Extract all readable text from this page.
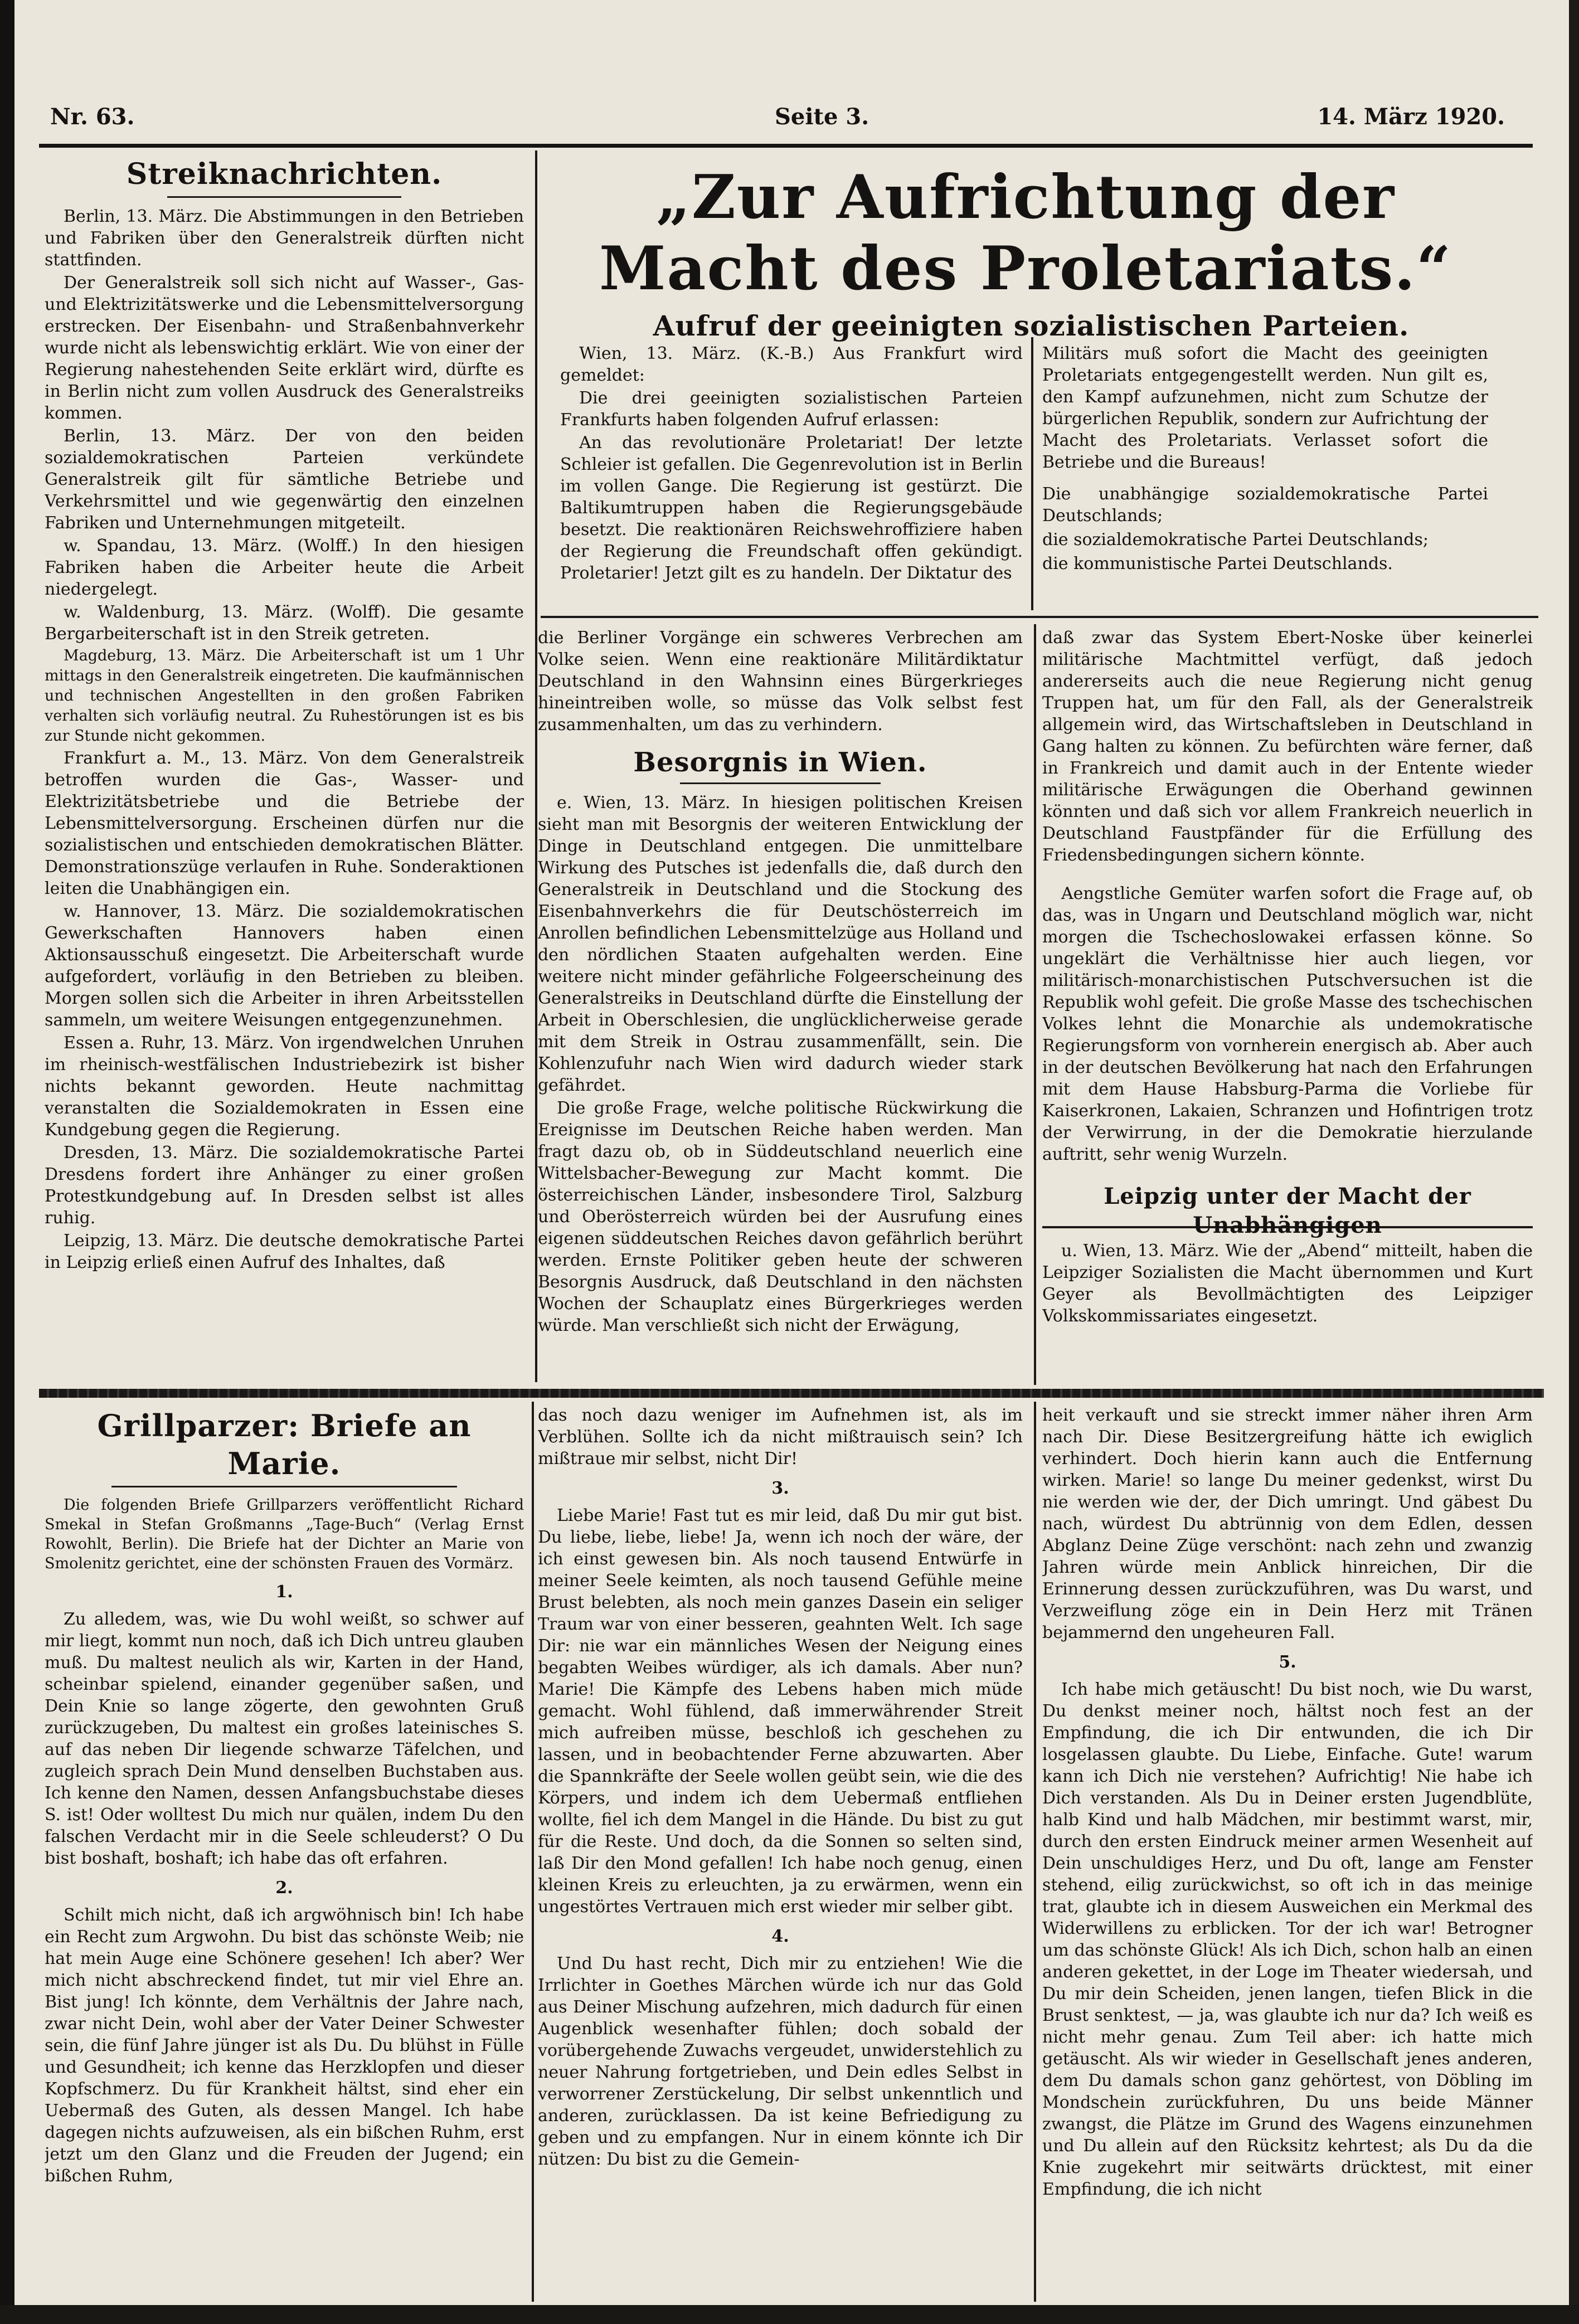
Nr. 63.	Seite 3.	14. März 1920.
Streiknachrichten.

Berlin, 13. März. Die Abstimmungen in den Betrieben und Fabriken über den Generalstreik dürften nicht stattfinden.

Der Generalstreik soll sich nicht auf Wasser-, Gas- und Elektrizitätswerke und die Lebensmittelversorgung erstrecken. Der Eisenbahn- und Straßenbahnverkehr wurde nicht als lebenswichtig erklärt. Wie von einer der Regierung nahestehenden Seite erklärt wird, dürfte es in Berlin nicht zum vollen Ausdruck des Generalstreiks kommen.

Berlin, 13. März. Der von den beiden sozialdemokratischen Parteien verkündete Generalstreik gilt für sämtliche Betriebe und Verkehrsmittel und wie gegenwärtig den einzelnen Fabriken und Unternehmungen mitgeteilt.

w. Spandau, 13. März. (Wolff.) In den hiesigen Fabriken haben die Arbeiter heute die Arbeit niedergelegt.

w. Waldenburg, 13. März. (Wolff). Die gesamte Bergarbeiterschaft ist in den Streik getreten.

Magdeburg, 13. März. Die Arbeiterschaft ist um 1 Uhr mittags in den Generalstreik eingetreten. Die kaufmännischen und technischen Angestellten in den großen Fabriken verhalten sich vorläufig neutral. Zu Ruhestörungen ist es bis zur Stunde nicht gekommen.

Frankfurt a. M., 13. März. Von dem Generalstreik betroffen wurden die Gas-, Wasser- und Elektrizitätsbetriebe und die Betriebe der Lebensmittelversorgung. Erscheinen dürfen nur die sozialistischen und entschieden demokratischen Blätter. Demonstrationszüge verlaufen in Ruhe. Sonderaktionen leiten die Unabhängigen ein.

w. Hannover, 13. März. Die sozialdemokratischen Gewerkschaften Hannovers haben einen Aktionsausschuß eingesetzt. Die Arbeiterschaft wurde aufgefordert, vorläufig in den Betrieben zu bleiben. Morgen sollen sich die Arbeiter in ihren Arbeitsstellen sammeln, um weitere Weisungen entgegenzunehmen.

Essen a. Ruhr, 13. März. Von irgendwelchen Unruhen im rheinisch-westfälischen Industriebezirk ist bisher nichts bekannt geworden. Heute nachmittag veranstalten die Sozialdemokraten in Essen eine Kundgebung gegen die Regierung.

Dresden, 13. März. Die sozialdemokratische Partei Dresdens fordert ihre Anhänger zu einer großen Protestkundgebung auf. In Dresden selbst ist alles ruhig.

Leipzig, 13. März. Die deutsche demokratische Partei in Leipzig erließ einen Aufruf des Inhaltes, daß

„Zur Aufrichtung der Macht des Proletariats.“
Aufruf der geeinigten sozialistischen Parteien.

Wien, 13. März. (K.-B.) Aus Frankfurt wird gemeldet:

Die drei geeinigten sozialistischen Parteien Frankfurts haben folgenden Aufruf erlassen:

An das revolutionäre Proletariat! Der letzte Schleier ist gefallen. Die Gegenrevolution ist in Berlin im vollen Gange. Die Regierung ist gestürzt. Die Baltikumtruppen haben die Regierungsgebäude besetzt. Die reaktionären Reichswehroffiziere haben der Regierung die Freundschaft offen gekündigt. Proletarier! Jetzt gilt es zu handeln. Der Diktatur des

Militärs muß sofort die Macht des geeinigten Proletariats entgegengestellt werden. Nun gilt es, den Kampf aufzunehmen, nicht zum Schutze der bürgerlichen Republik, sondern zur Aufrichtung der Macht des Proletariats. Verlasset sofort die Betriebe und die Bureaus!

Die unabhängige sozialdemokratische Partei Deutschlands;

die sozialdemokratische Partei Deutschlands;

die kommunistische Partei Deutschlands.

die Berliner Vorgänge ein schweres Verbrechen am Volke seien. Wenn eine reaktionäre Militärdiktatur Deutschland in den Wahnsinn eines Bürgerkrieges hineintreiben wolle, so müsse das Volk selbst fest zusammenhalten, um das zu verhindern.

Besorgnis in Wien.

e. Wien, 13. März. In hiesigen politischen Kreisen sieht man mit Besorgnis der weiteren Entwicklung der Dinge in Deutschland entgegen. Die unmittelbare Wirkung des Putsches ist jedenfalls die, daß durch den Generalstreik in Deutschland und die Stockung des Eisenbahnverkehrs die für Deutschösterreich im Anrollen befindlichen Lebensmittelzüge aus Holland und den nördlichen Staaten aufgehalten werden. Eine weitere nicht minder gefährliche Folgeerscheinung des Generalstreiks in Deutschland dürfte die Einstellung der Arbeit in Oberschlesien, die unglücklicherweise gerade mit dem Streik in Ostrau zusammenfällt, sein. Die Kohlenzufuhr nach Wien wird dadurch wieder stark gefährdet.

Die große Frage, welche politische Rückwirkung die Ereignisse im Deutschen Reiche haben werden. Man fragt dazu ob, ob in Süddeutschland neuerlich eine Wittelsbacher-Bewegung zur Macht kommt. Die österreichischen Länder, insbesondere Tirol, Salzburg und Oberösterreich würden bei der Ausrufung eines eigenen süddeutschen Reiches davon gefährlich berührt werden. Ernste Politiker geben heute der schweren Besorgnis Ausdruck, daß Deutschland in den nächsten Wochen der Schauplatz eines Bürgerkrieges werden würde. Man verschließt sich nicht der Erwägung,

daß zwar das System Ebert-Noske über keinerlei militärische Machtmittel verfügt, daß jedoch andererseits auch die neue Regierung nicht genug Truppen hat, um für den Fall, als der Generalstreik allgemein wird, das Wirtschaftsleben in Deutschland in Gang halten zu können. Zu befürchten wäre ferner, daß in Frankreich und damit auch in der Entente wieder militärische Erwägungen die Oberhand gewinnen könnten und daß sich vor allem Frankreich neuerlich in Deutschland Faustpfänder für die Erfüllung des Friedensbedingungen sichern könnte.

Aengstliche Gemüter warfen sofort die Frage auf, ob das, was in Ungarn und Deutschland möglich war, nicht morgen die Tschechoslowakei erfassen könne. So ungeklärt die Verhältnisse hier auch liegen, vor militärisch-monarchistischen Putschversuchen ist die Republik wohl gefeit. Die große Masse des tschechischen Volkes lehnt die Monarchie als undemokratische Regierungsform von vornherein energisch ab. Aber auch in der deutschen Bevölkerung hat nach den Erfahrungen mit dem Hause Habsburg-Parma die Vorliebe für Kaiserkronen, Lakaien, Schranzen und Hofintrigen trotz der Verwirrung, in der die Demokratie hierzulande auftritt, sehr wenig Wurzeln.

Leipzig unter der Macht der Unabhängigen

u. Wien, 13. März. Wie der „Abend“ mitteilt, haben die Leipziger Sozialisten die Macht übernommen und Kurt Geyer als Bevollmächtigten des Leipziger Volkskommissariates eingesetzt.

Grillparzer: Briefe an Marie.

Die folgenden Briefe Grillparzers veröffentlicht Richard Smekal in Stefan Großmanns „Tage-Buch“ (Verlag Ernst Rowohlt, Berlin). Die Briefe hat der Dichter an Marie von Smolenitz gerichtet, eine der schönsten Frauen des Vormärz.

1.

Zu alledem, was, wie Du wohl weißt, so schwer auf mir liegt, kommt nun noch, daß ich Dich untreu glauben muß. Du maltest neulich als wir, Karten in der Hand, scheinbar spielend, einander gegenüber saßen, und Dein Knie so lange zögerte, den gewohnten Gruß zurückzugeben, Du maltest ein großes lateinisches S. auf das neben Dir liegende schwarze Täfelchen, und zugleich sprach Dein Mund denselben Buchstaben aus. Ich kenne den Namen, dessen Anfangsbuchstabe dieses S. ist! Oder wolltest Du mich nur quälen, indem Du den falschen Verdacht mir in die Seele schleuderst? O Du bist boshaft, boshaft; ich habe das oft erfahren.

2.

Schilt mich nicht, daß ich argwöhnisch bin! Ich habe ein Recht zum Argwohn. Du bist das schönste Weib; nie hat mein Auge eine Schönere gesehen! Ich aber? Wer mich nicht abschreckend findet, tut mir viel Ehre an. Bist jung! Ich könnte, dem Verhältnis der Jahre nach, zwar nicht Dein, wohl aber der Vater Deiner Schwester sein, die fünf Jahre jünger ist als Du. Du blühst in Fülle und Gesundheit; ich kenne das Herzklopfen und dieser Kopfschmerz. Du für Krankheit hältst, sind eher ein Uebermaß des Guten, als dessen Mangel. Ich habe dagegen nichts aufzuweisen, als ein bißchen Ruhm, erst jetzt um den Glanz und die Freuden der Jugend; ein bißchen Ruhm,

das noch dazu weniger im Aufnehmen ist, als im Verblühen. Sollte ich da nicht mißtrauisch sein? Ich mißtraue mir selbst, nicht Dir!

3.

Liebe Marie! Fast tut es mir leid, daß Du mir gut bist. Du liebe, liebe, liebe! Ja, wenn ich noch der wäre, der ich einst gewesen bin. Als noch tausend Entwürfe in meiner Seele keimten, als noch tausend Gefühle meine Brust belebten, als noch mein ganzes Dasein ein seliger Traum war von einer besseren, geahnten Welt. Ich sage Dir: nie war ein männliches Wesen der Neigung eines begabten Weibes würdiger, als ich damals. Aber nun? Marie! Die Kämpfe des Lebens haben mich müde gemacht. Wohl fühlend, daß immerwährender Streit mich aufreiben müsse, beschloß ich geschehen zu lassen, und in beobachtender Ferne abzuwarten. Aber die Spannkräfte der Seele wollen geübt sein, wie die des Körpers, und indem ich dem Uebermaß entfliehen wollte, fiel ich dem Mangel in die Hände. Du bist zu gut für die Reste. Und doch, da die Sonnen so selten sind, laß Dir den Mond gefallen! Ich habe noch genug, einen kleinen Kreis zu erleuchten, ja zu erwärmen, wenn ein ungestörtes Vertrauen mich erst wieder mir selber gibt.

4.

Und Du hast recht, Dich mir zu entziehen! Wie die Irrlichter in Goethes Märchen würde ich nur das Gold aus Deiner Mischung aufzehren, mich dadurch für einen Augenblick wesenhafter fühlen; doch sobald der vorübergehende Zuwachs vergeudet, unwiderstehlich zu neuer Nahrung fortgetrieben, und Dein edles Selbst in verworrener Zerstückelung, Dir selbst unkenntlich und anderen, zurücklassen. Da ist keine Befriedigung zu geben und zu empfangen. Nur in einem könnte ich Dir nützen: Du bist zu die Gemein-

heit verkauft und sie streckt immer näher ihren Arm nach Dir. Diese Besitzergreifung hätte ich ewiglich verhindert. Doch hierin kann auch die Entfernung wirken. Marie! so lange Du meiner gedenkst, wirst Du nie werden wie der, der Dich umringt. Und gäbest Du nach, würdest Du abtrünnig von dem Edlen, dessen Abglanz Deine Züge verschönt: nach zehn und zwanzig Jahren würde mein Anblick hinreichen, Dir die Erinnerung dessen zurückzuführen, was Du warst, und Verzweiflung zöge ein in Dein Herz mit Tränen bejammernd den ungeheuren Fall.

5.

Ich habe mich getäuscht! Du bist noch, wie Du warst, Du denkst meiner noch, hältst noch fest an der Empfindung, die ich Dir entwunden, die ich Dir losgelassen glaubte. Du Liebe, Einfache. Gute! warum kann ich Dich nie verstehen? Aufrichtig! Nie habe ich Dich verstanden. Als Du in Deiner ersten Jugendblüte, halb Kind und halb Mädchen, mir bestimmt warst, mir, durch den ersten Eindruck meiner armen Wesenheit auf Dein unschuldiges Herz, und Du oft, lange am Fenster stehend, eilig zurückwichst, so oft ich in das meinige trat, glaubte ich in diesem Ausweichen ein Merkmal des Widerwillens zu erblicken. Tor der ich war! Betrogner um das schönste Glück! Als ich Dich, schon halb an einen anderen gekettet, in der Loge im Theater wiedersah, und Du mir dein Scheiden, jenen langen, tiefen Blick in die Brust senktest, — ja, was glaubte ich nur da? Ich weiß es nicht mehr genau. Zum Teil aber: ich hatte mich getäuscht. Als wir wieder in Gesellschaft jenes anderen, dem Du damals schon ganz gehörtest, von Döbling im Mondschein zurückfuhren, Du uns beide Männer zwangst, die Plätze im Grund des Wagens einzunehmen und Du allein auf den Rücksitz kehrtest; als Du da die Knie zugekehrt mir seitwärts drücktest, mit einer Empfindung, die ich nicht
